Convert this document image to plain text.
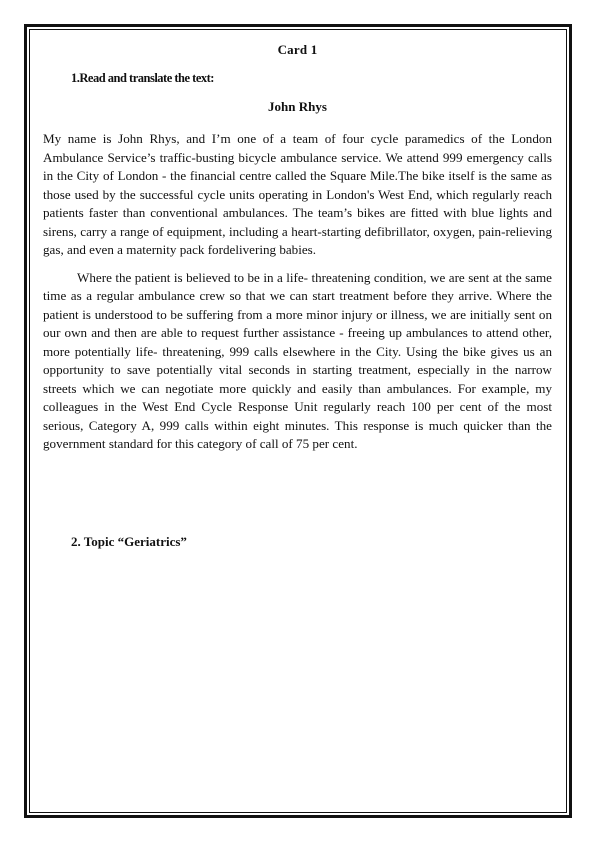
Card 1
1.Read and translate the text:
John Rhys

My name is John Rhys, and I’m one of a team of four cycle paramedics of the London Ambulance Service’s traffic-busting bicycle ambulance service. We attend 999 emergency calls in the City of London - the financial centre called the Square Mile.The bike itself is the same as those used by the successful cycle units operating in London's West End, which regularly reach patients faster than conventional ambulances. The team’s bikes are fitted with blue lights and sirens, carry a range of equipment, including a heart-starting defibrillator, oxygen, pain-relieving gas, and even a maternity pack fordelivering babies.

Where the patient is believed to be in a life- threatening condition, we are sent at the same time as a regular ambulance crew so that we can start treatment before they arrive. Where the patient is understood to be suffering from a more minor injury or illness, we are initially sent on our own and then are able to request further assistance - freeing up ambulances to attend other, more potentially life- threatening, 999 calls elsewhere in the City. Using the bike gives us an opportunity to save potentially vital seconds in starting treatment, especially in the narrow streets which we can negotiate more quickly and easily than ambulances. For example, my colleagues in the West End Cycle Response Unit regularly reach 100 per cent of the most serious, Category A, 999 calls within eight minutes. This response is much quicker than the government standard for this category of call of 75 per cent.

2. Topic “Geriatrics”
